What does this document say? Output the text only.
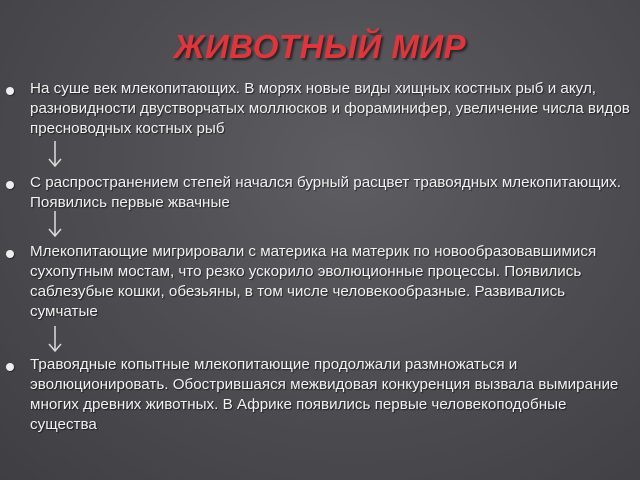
ЖИВОТНЫЙ МИР
На суше век млекопитающих. В морях новые виды хищных костных рыб и акул, разновидности двустворчатых моллюсков и фораминифер, увеличение числа видов пресноводных костных рыб
С распространением степей начался бурный расцвет травоядных млекопитающих. Появились первые жвачные
Млекопитающие мигрировали с материка на материк по новообразовавшимися сухопутным мостам, что резко ускорило эволюционные процессы. Появились саблезубые кошки, обезьяны, в том числе человекообразные. Развивались сумчатые
Травоядные копытные млекопитающие продолжали размножаться и эволюционировать. Обострившаяся межвидовая конкуренция вызвала вымирание многих древних животных. В Африке появились первые человекоподобные существа
